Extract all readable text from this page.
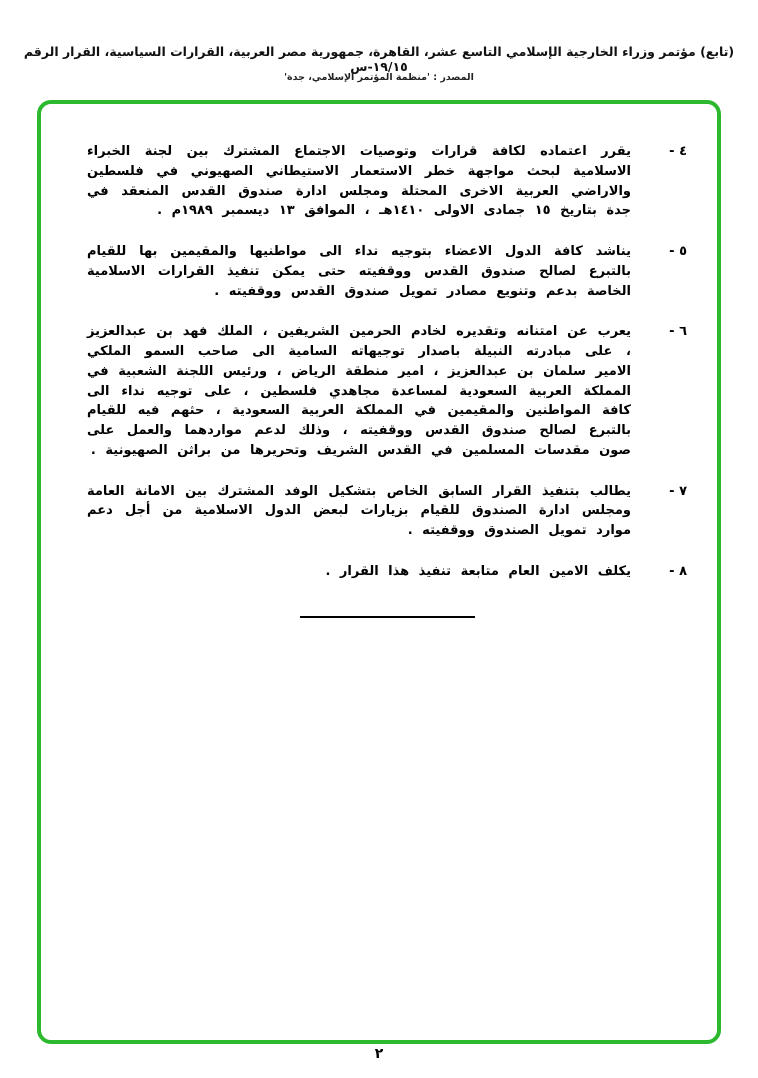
(تابع) مؤتمر وزراء الخارجية الإسلامي التاسع عشر، القاهرة، جمهورية مصر العربية، القرارات السياسية، القرار الرقم ١٩/١٥-س
المصدر : 'منظمة المؤتمر الإسلامي، جدة'
٤ -
يقرر اعتماده لكافة قرارات وتوصيات الاجتماع المشترك بين لجنة الخبراء الاسلامية لبحث مواجهة خطر الاستعمار الاستيطاني الصهيوني في فلسطين والاراضي العربية الاخرى المحتلة ومجلس ادارة صندوق القدس المنعقد في جدة بتاريخ ١٥ جمادى الاولى ١٤١٠هـ ، الموافق ١٣ ديسمبر ١٩٨٩م .
٥ -
يناشد كافة الدول الاعضاء بتوجيه نداء الى مواطنيها والمقيمين بها للقيام بالتبرع لصالح صندوق القدس ووقفيته حتى يمكن تنفيذ القرارات الاسلامية الخاصة بدعم وتنويع مصادر تمويل صندوق القدس ووقفيته .
٦ -
يعرب عن امتنانه وتقديره لخادم الحرمين الشريفين ، الملك فهد بن عبدالعزيز ، على مبادرته النبيلة باصدار توجيهاته السامية الى صاحب السمو الملكي الامير سلمان بن عبدالعزيز ، امير منطقة الرياض ، ورئيس اللجنة الشعبية في المملكة العربية السعودية لمساعدة مجاهدي فلسطين ، على توجيه نداء الى كافة المواطنين والمقيمين في المملكة العربية السعودية ، حثهم فيه للقيام بالتبرع لصالح صندوق القدس ووقفيته ، وذلك لدعم مواردهما والعمل على صون مقدسات المسلمين في القدس الشريف وتحريرها من براثن الصهيونية .
٧ -
يطالب بتنفيذ القرار السابق الخاص بتشكيل الوفد المشترك بين الامانة العامة ومجلس ادارة الصندوق للقيام بزيارات لبعض الدول الاسلامية من أجل دعم موارد تمويل الصندوق ووقفيته .
٨ -
يكلف الامين العام متابعة تنفيذ هذا القرار .
٢
